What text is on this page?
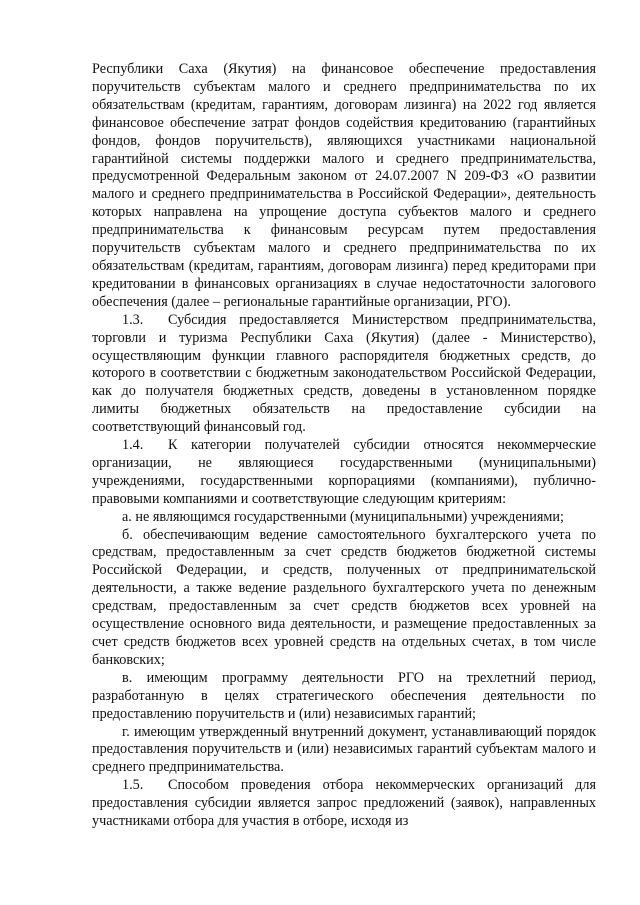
Республики Саха (Якутия) на финансовое обеспечение предоставления поручительств субъектам малого и среднего предпринимательства по их обязательствам (кредитам, гарантиям, договорам лизинга) на 2022 год является финансовое обеспечение затрат фондов содействия кредитованию (гарантийных фондов, фондов поручительств), являющихся участниками национальной гарантийной системы поддержки малого и среднего предпринимательства, предусмотренной Федеральным законом от 24.07.2007 N 209-ФЗ «О развитии малого и среднего предпринимательства в Российской Федерации», деятельность которых направлена на упрощение доступа субъектов малого и среднего предпринимательства к финансовым ресурсам путем предоставления поручительств субъектам малого и среднего предпринимательства по их обязательствам (кредитам, гарантиям, договорам лизинга) перед кредиторами при кредитовании в финансовых организациях в случае недостаточности залогового обеспечения (далее – региональные гарантийные организации, РГО).

1.3. Субсидия предоставляется Министерством предпринимательства, торговли и туризма Республики Саха (Якутия) (далее - Министерство), осуществляющим функции главного распорядителя бюджетных средств, до которого в соответствии с бюджетным законодательством Российской Федерации, как до получателя бюджетных средств, доведены в установленном порядке лимиты бюджетных обязательств на предоставление субсидии на соответствующий финансовый год.

1.4. К категории получателей субсидии относятся некоммерческие организации, не являющиеся государственными (муниципальными) учреждениями, государственными корпорациями (компаниями), публично-правовыми компаниями и соответствующие следующим критериям:

а. не являющимся государственными (муниципальными) учреждениями;

б. обеспечивающим ведение самостоятельного бухгалтерского учета по средствам, предоставленным за счет средств бюджетов бюджетной системы Российской Федерации, и средств, полученных от предпринимательской деятельности, а также ведение раздельного бухгалтерского учета по денежным средствам, предоставленным за счет средств бюджетов всех уровней на осуществление основного вида деятельности, и размещение предоставленных за счет средств бюджетов всех уровней средств на отдельных счетах, в том числе банковских;

в. имеющим программу деятельности РГО на трехлетний период, разработанную в целях стратегического обеспечения деятельности по предоставлению поручительств и (или) независимых гарантий;

г. имеющим утвержденный внутренний документ, устанавливающий порядок предоставления поручительств и (или) независимых гарантий субъектам малого и среднего предпринимательства.

1.5. Способом проведения отбора некоммерческих организаций для предоставления субсидии является запрос предложений (заявок), направленных участниками отбора для участия в отборе, исходя из
